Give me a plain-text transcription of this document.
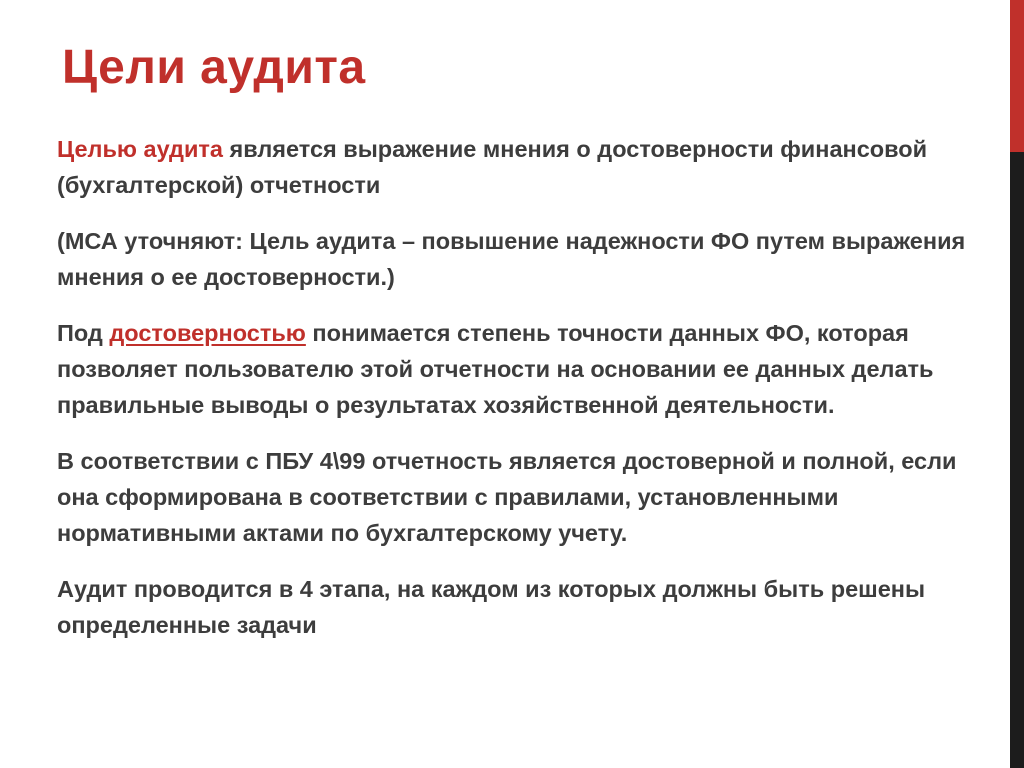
Цели аудита

Целью аудита является выражение мнения о достоверности финансовой (бухгалтерской) отчетности

(МСА уточняют: Цель аудита – повышение надежности ФО путем выражения мнения о ее достоверности.)

Под достоверностью понимается степень точности данных ФО, которая позволяет пользователю этой отчетности на основании ее данных делать правильные выводы о результатах хозяйственной деятельности.

В соответствии с ПБУ 4\99 отчетность является достоверной и полной, если она сформирована в соответствии с правилами, установленными нормативными актами по бухгалтерскому учету.

Аудит проводится в 4 этапа, на каждом из которых должны быть решены определенные задачи
